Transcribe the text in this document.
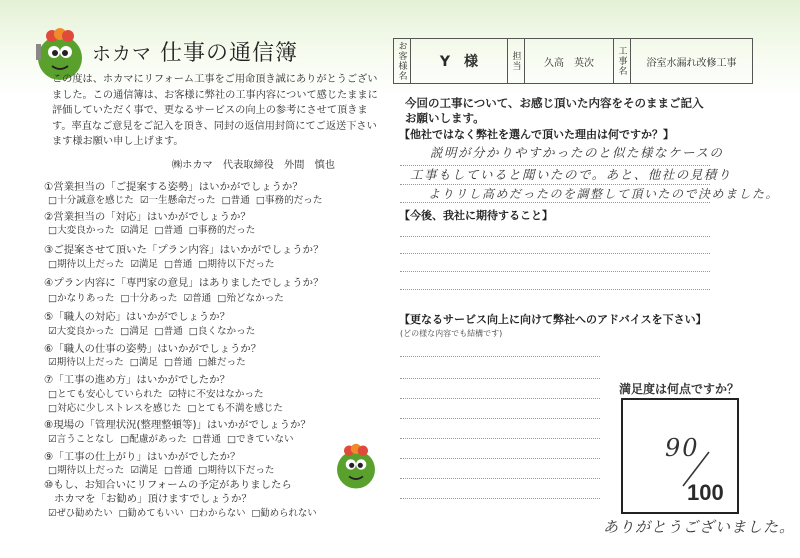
ホカマ 仕事の通信簿
この度は、ホカマにリフォーム工事をご用命頂き誠にありがとうございました。この通信簿は、お客様に弊社の工事内容について感じたままに評価していただく事で、更なるサービスの向上の参考にさせて頂きます。率直なご意見をご記入を頂き、同封の返信用封筒にてご返送下さいます様お願い申し上げます。
㈱ホカマ　代表取締役　外間　慎也
①営業担当の「ご提案する姿勢」はいかがでしょうか？
□十分誠意を感じた ☑一生懸命だった □普通 □事務的だった
②営業担当の「対応」はいかがでしょうか？
□大変良かった ☑満足 □普通 □事務的だった
③ご提案させて頂いた「プラン内容」はいかがでしょうか？
□期待以上だった ☑満足 □普通 □期待以下だった
④プラン内容に「専門家の意見」はありましたでしょうか？
□かなりあった □十分あった ☑普通 □殆どなかった
⑤「職人の対応」はいかがでしょうか？
☑大変良かった □満足 □普通 □良くなかった
⑥「職人の仕事の姿勢」はいかがでしょうか？
☑期待以上だった □満足 □普通 □雑だった
⑦「工事の進め方」はいかがでしたか？
□とても安心していられた ☑特に不安はなかった
□対応に少しストレスを感じた □とても不満を感じた
⑧現場の「管理状況(整理整頓等)」はいかがでしょうか？
☑言うことなし □配慮があった □普通 □できていない
⑨「工事の仕上がり」はいかがでしたか？
□期待以上だった ☑満足 □普通 □期待以下だった
⑩もし、お知合いにリフォームの予定がありましたら
ホカマを「お勧め」頂けますでしょうか？
☑ぜひ勧めたい □勧めてもいい □わからない □勧められない
お客様名	Y　様	担当	久高　英次	工事名	浴室水漏れ改修工事
今回の工事について、お感じ頂いた内容をそのままご記入お願いします。
【他社ではなく弊社を選んで頂いた理由は何ですか？】
説明が分かりやすかったのと似た様なケースの
工事もしていると聞いたので。あと、他社の見積り
よりリし高めだったのを調整して頂いたので決めました。
【今後、我社に期待すること】
【更なるサービス向上に向けて弊社へのアドバイスを下さい】
(どの様な内容でも結構です)
満足度は何点ですか？
90
100
ありがとうございました。
